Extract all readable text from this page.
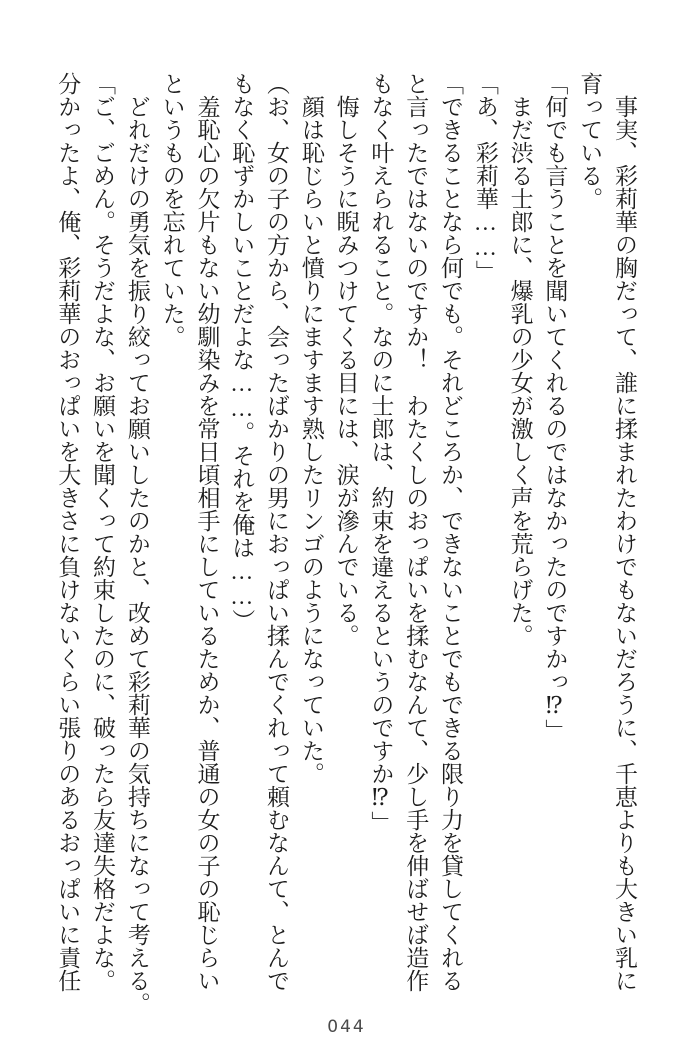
事実、彩莉華の胸だって、誰に揉まれたわけでもないだろうに、千恵よりも大きい乳に

育っている。

「何でも言うことを聞いてくれるのではなかったのですかっ⁉」

まだ渋る士郎に、爆乳の少女が激しく声を荒らげた。

「あ、彩莉華……」

「できることなら何でも。それどころか、できないことでもできる限り力を貸してくれる

と言ったではないのですか！　わたくしのおっぱいを揉むなんて、少し手を伸ばせば造作

もなく叶えられること。なのに士郎は、約束を違えるというのですか⁉」

悔しそうに睨みつけてくる目には、涙が滲んでいる。

顔は恥じらいと憤りにますます熟したリンゴのようになっていた。

（お、女の子の方から、会ったばかりの男におっぱい揉んでくれって頼むなんて、とんで

もなく恥ずかしいことだよな……。それを俺は……）

羞恥心の欠片もない幼馴染みを常日頃相手にしているためか、普通の女の子の恥じらい

というものを忘れていた。

どれだけの勇気を振り絞ってお願いしたのかと、改めて彩莉華の気持ちになって考える。

「ご、ごめん。そうだよな、お願いを聞くって約束したのに、破ったら友達失格だよな。

分かったよ、俺、彩莉華のおっぱいを大きさに負けないくらい張りのあるおっぱいに責任

044
